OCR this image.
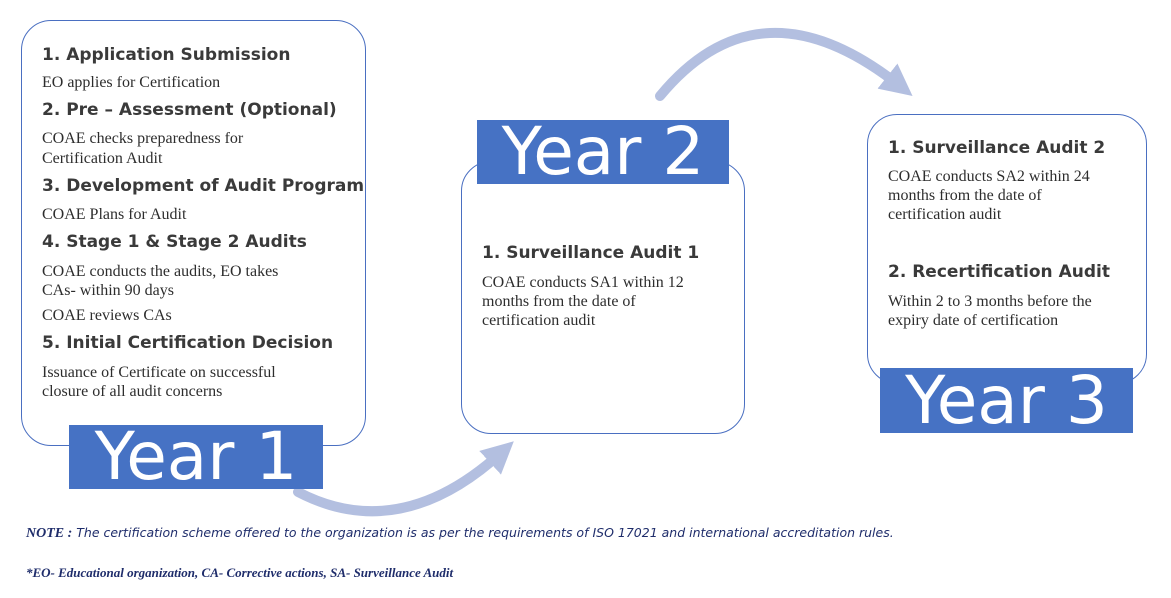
1. Application Submission
EO applies for Certification
2. Pre – Assessment (Optional)
COAE checks preparedness for
Certification Audit
3. Development of Audit Program
COAE Plans for Audit
4. Stage 1 & Stage 2 Audits
COAE conducts the audits, EO takes
CAs- within 90 days
COAE reviews CAs
5. Initial Certification Decision
Issuance of Certificate on successful
closure of all audit concerns
Year 1
1. Surveillance Audit 1
COAE conducts SA1 within 12
months from the date of
certification audit
Year 2	1. Surveillance Audit 2
COAE conducts SA2 within 24
months from the date of
certification audit
2. Recertification Audit
Within 2 to 3 months before the
expiry date of certification
Year 3
NOTE : The certification scheme offered to the organization is as per the requirements of ISO 17021 and international accreditation rules.
*EO- Educational organization, CA- Corrective actions, SA- Surveillance Audit
